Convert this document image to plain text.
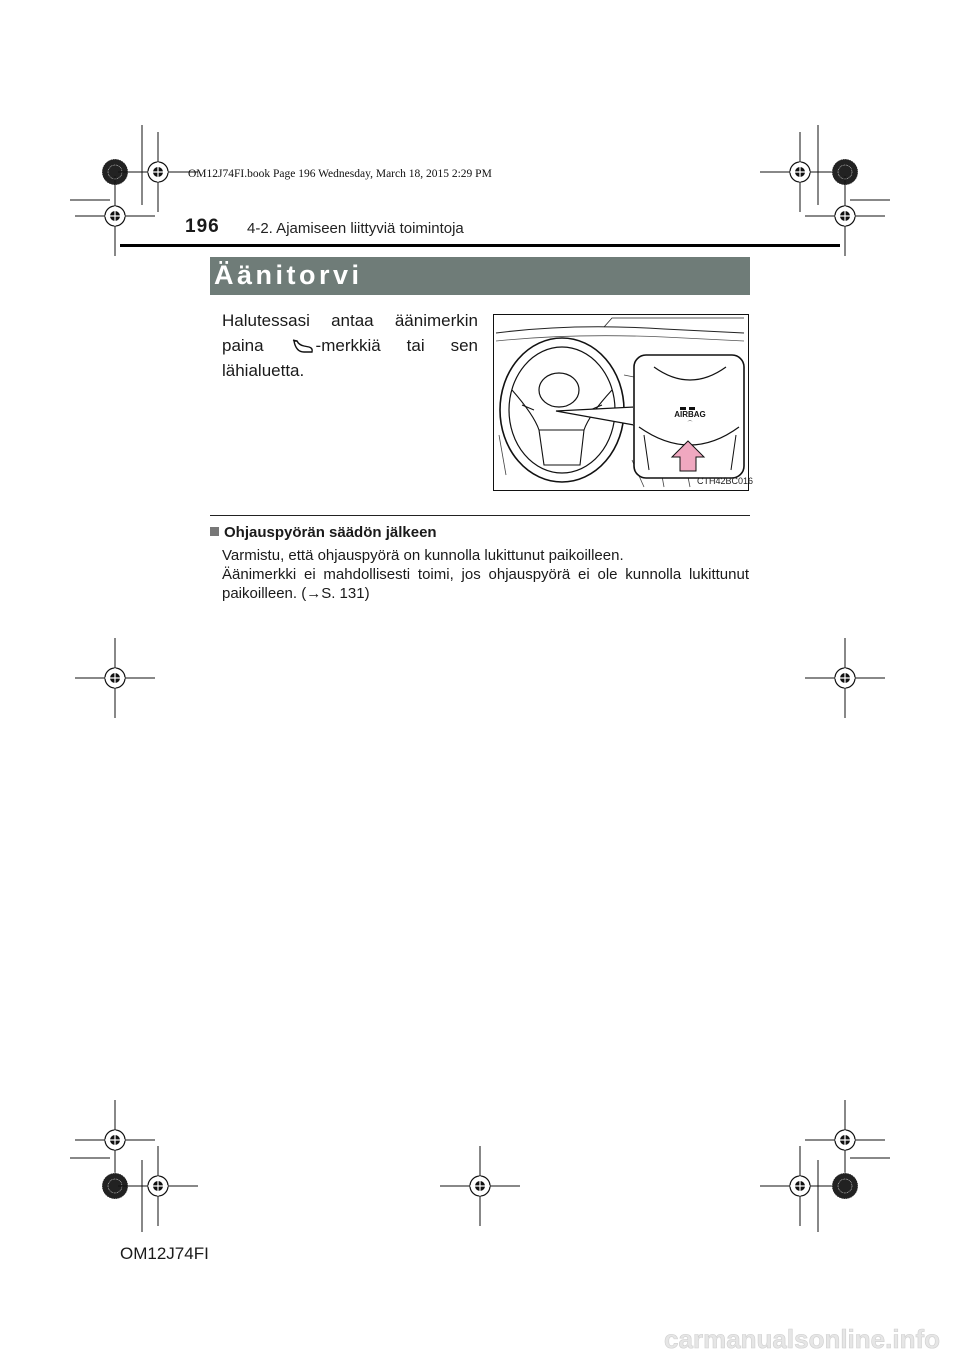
OM12J74FI.book Page 196 Wednesday, March 18, 2015 2:29 PM
196 4-2. Ajamiseen liittyviä toimintoja
Äänitorvi
Halutessasi antaa äänimerkin
paina	-merkkiä tai sen
lähialuetta.
AIRBAG
⌒
CTH42BC016
Ohjauspyörän säädön jälkeen

Varmistu, että ohjauspyörä on kunnolla lukittunut paikoilleen.

Äänimerkki ei mahdollisesti toimi, jos ohjauspyörä ei ole kunnolla lukittunut

paikoilleen. (→S. 131)

OM12J74FI
carmanualsonline.info
